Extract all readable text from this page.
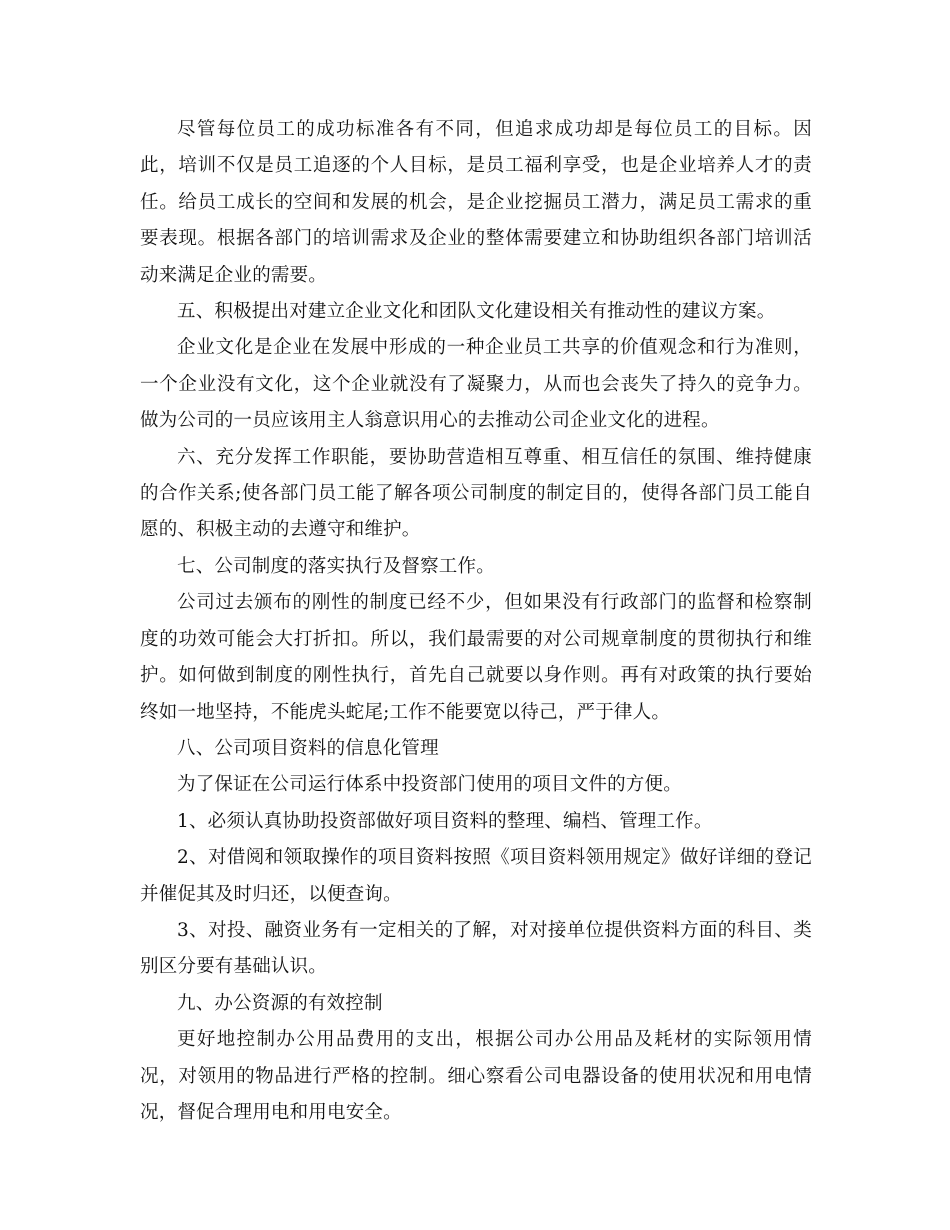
尽管每位员工的成功标准各有不同，但追求成功却是每位员工的目标。因此，培训不仅是员工追逐的个人目标，是员工福利享受，也是企业培养人才的责任。给员工成长的空间和发展的机会，是企业挖掘员工潜力，满足员工需求的重要表现。根据各部门的培训需求及企业的整体需要建立和协助组织各部门培训活动来满足企业的需要。

五、积极提出对建立企业文化和团队文化建设相关有推动性的建议方案。

企业文化是企业在发展中形成的一种企业员工共享的价值观念和行为准则，一个企业没有文化，这个企业就没有了凝聚力，从而也会丧失了持久的竞争力。做为公司的一员应该用主人翁意识用心的去推动公司企业文化的进程。

六、充分发挥工作职能，要协助营造相互尊重、相互信任的氛围、维持健康的合作关系;使各部门员工能了解各项公司制度的制定目的，使得各部门员工能自愿的、积极主动的去遵守和维护。

七、公司制度的落实执行及督察工作。

公司过去颁布的刚性的制度已经不少，但如果没有行政部门的监督和检察制度的功效可能会大打折扣。所以，我们最需要的对公司规章制度的贯彻执行和维护。如何做到制度的刚性执行，首先自己就要以身作则。再有对政策的执行要始终如一地坚持，不能虎头蛇尾;工作不能要宽以待己，严于律人。

八、公司项目资料的信息化管理

为了保证在公司运行体系中投资部门使用的项目文件的方便。

1、必须认真协助投资部做好项目资料的整理、编档、管理工作。

2、对借阅和领取操作的项目资料按照《项目资料领用规定》做好详细的登记并催促其及时归还，以便查询。

3、对投、融资业务有一定相关的了解，对对接单位提供资料方面的科目、类别区分要有基础认识。

九、办公资源的有效控制

更好地控制办公用品费用的支出，根据公司办公用品及耗材的实际领用情况，对领用的物品进行严格的控制。细心察看公司电器设备的使用状况和用电情况，督促合理用电和用电安全。
